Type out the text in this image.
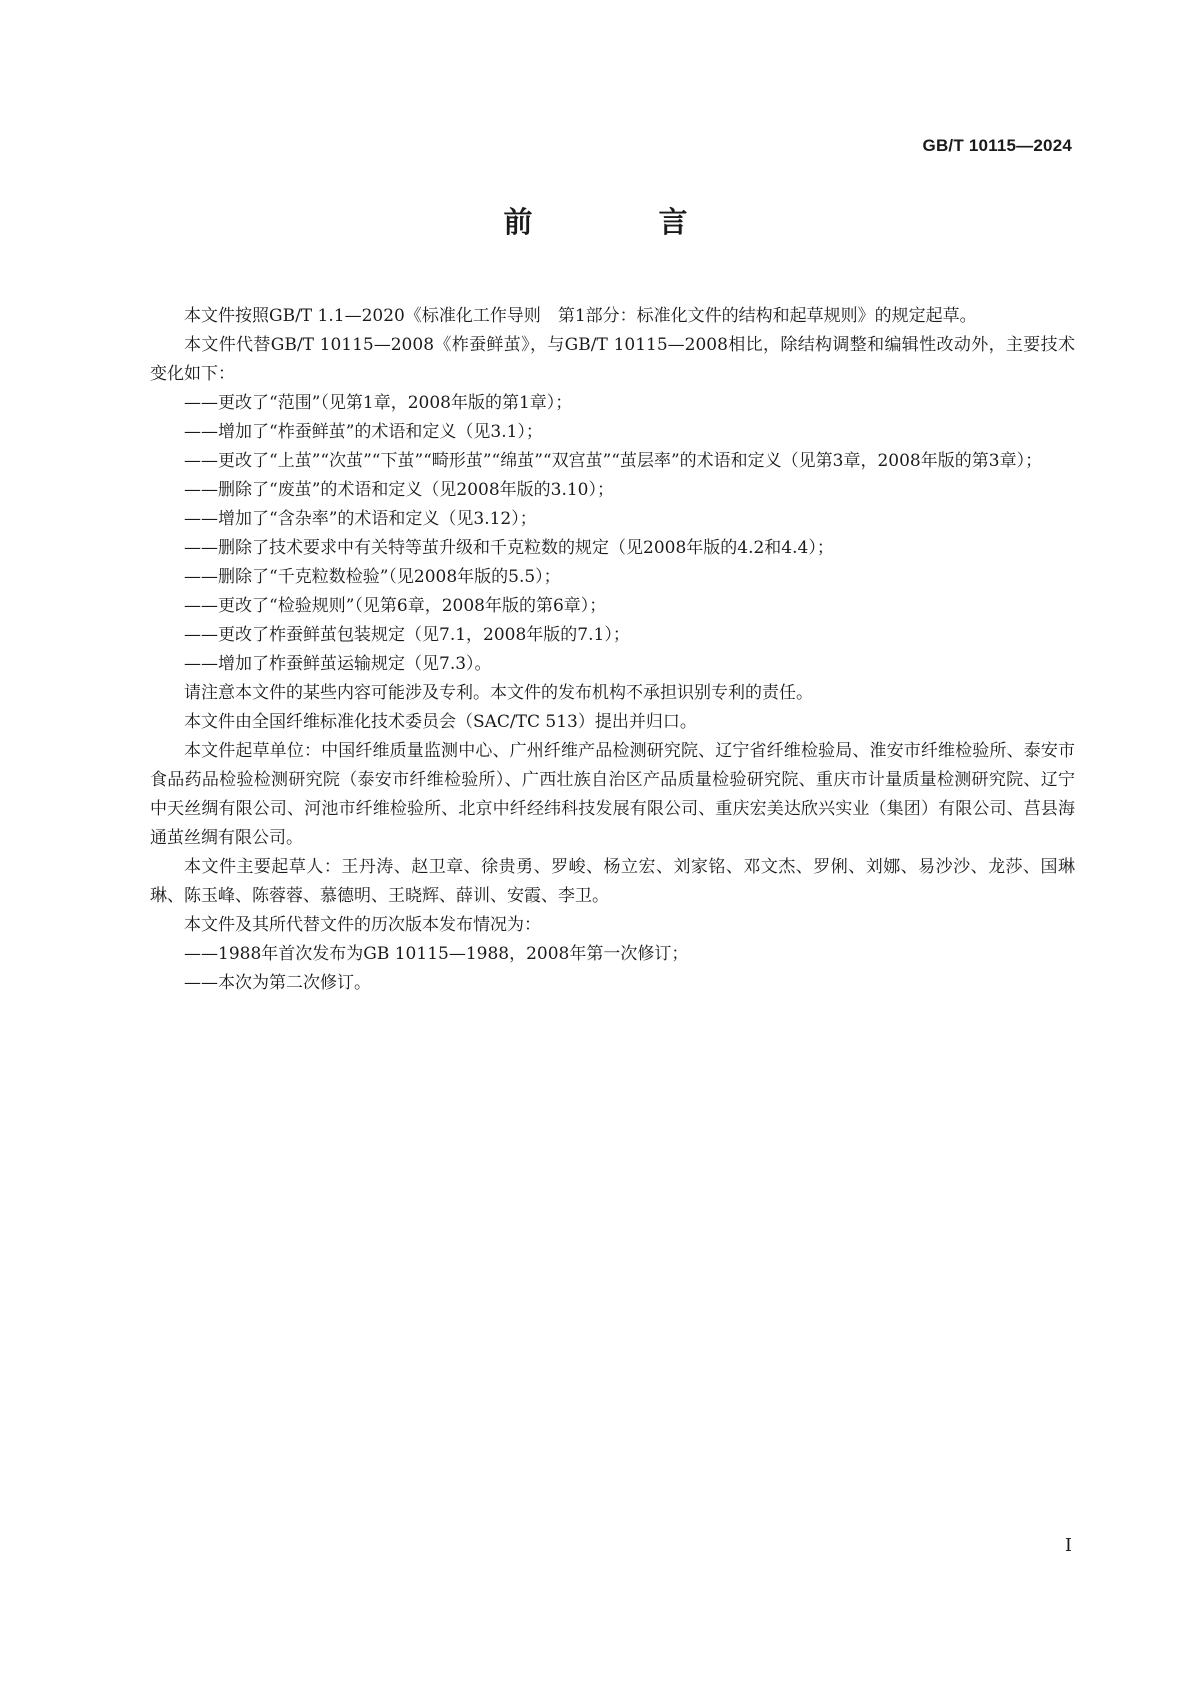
GB/T 10115—2024
前 言

本文件按照GB/T 1.1—2020《标准化工作导则　第1部分：标准化文件的结构和起草规则》的规定起草。

本文件代替GB/T 10115—2008《柞蚕鲜茧》，与GB/T 10115—2008相比，除结构调整和编辑性改动外，主要技术变化如下：

——更改了“范围”（见第1章，2008年版的第1章）；

——增加了“柞蚕鲜茧”的术语和定义（见3.1）；

——更改了“上茧”“次茧”“下茧”“畸形茧”“绵茧”“双宫茧”“茧层率”的术语和定义（见第3章，2008年版的第3章）；

——删除了“废茧”的术语和定义（见2008年版的3.10）；

——增加了“含杂率”的术语和定义（见3.12）；

——删除了技术要求中有关特等茧升级和千克粒数的规定（见2008年版的4.2和4.4）；

——删除了“千克粒数检验”（见2008年版的5.5）；

——更改了“检验规则”（见第6章，2008年版的第6章）；

——更改了柞蚕鲜茧包装规定（见7.1，2008年版的7.1）；

——增加了柞蚕鲜茧运输规定（见7.3）。

请注意本文件的某些内容可能涉及专利。本文件的发布机构不承担识别专利的责任。

本文件由全国纤维标准化技术委员会（SAC/TC 513）提出并归口。

本文件起草单位：中国纤维质量监测中心、广州纤维产品检测研究院、辽宁省纤维检验局、淮安市纤维检验所、泰安市食品药品检验检测研究院（泰安市纤维检验所）、广西壮族自治区产品质量检验研究院、重庆市计量质量检测研究院、辽宁中天丝绸有限公司、河池市纤维检验所、北京中纤经纬科技发展有限公司、重庆宏美达欣兴实业（集团）有限公司、莒县海通茧丝绸有限公司。

本文件主要起草人：王丹涛、赵卫章、徐贵勇、罗峻、杨立宏、刘家铭、邓文杰、罗俐、刘娜、易沙沙、龙莎、国琳琳、陈玉峰、陈蓉蓉、慕德明、王晓辉、薛训、安霞、李卫。

本文件及其所代替文件的历次版本发布情况为：

——1988年首次发布为GB 10115—1988，2008年第一次修订；

——本次为第二次修订。

I
